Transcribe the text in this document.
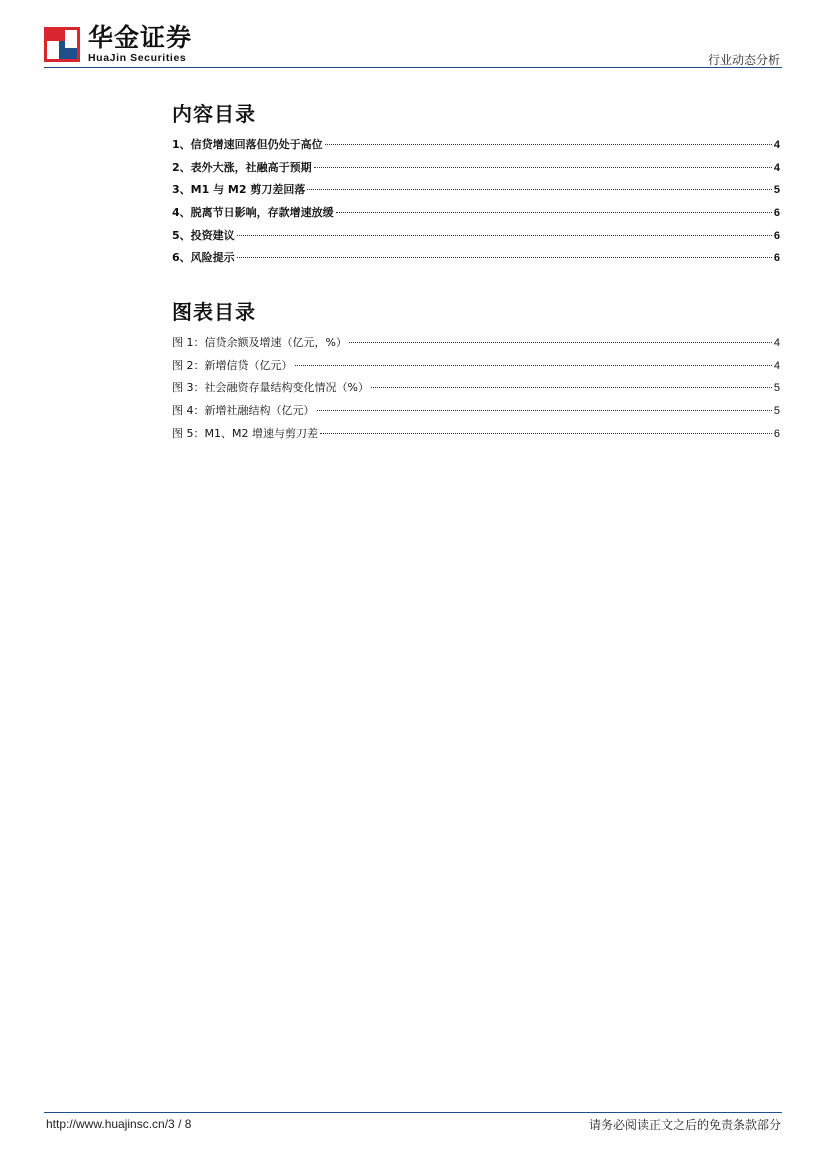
华金证券
HuaJin Securities	行业动态分析
内容目录
1、信贷增速回落但仍处于高位	4
2、表外大涨，社融高于预期	4
3、M1 与 M2 剪刀差回落	5
4、脱离节日影响，存款增速放缓	6
5、投资建议	6
6、风险提示	6
图表目录
图 1：信贷余额及增速（亿元，%）	4
图 2：新增信贷（亿元）	4
图 3：社会融资存量结构变化情况（%）	5
图 4：新增社融结构（亿元）	5
图 5：M1、M2 增速与剪刀差	6
http://www.huajinsc.cn/3 / 8	请务必阅读正文之后的免责条款部分
